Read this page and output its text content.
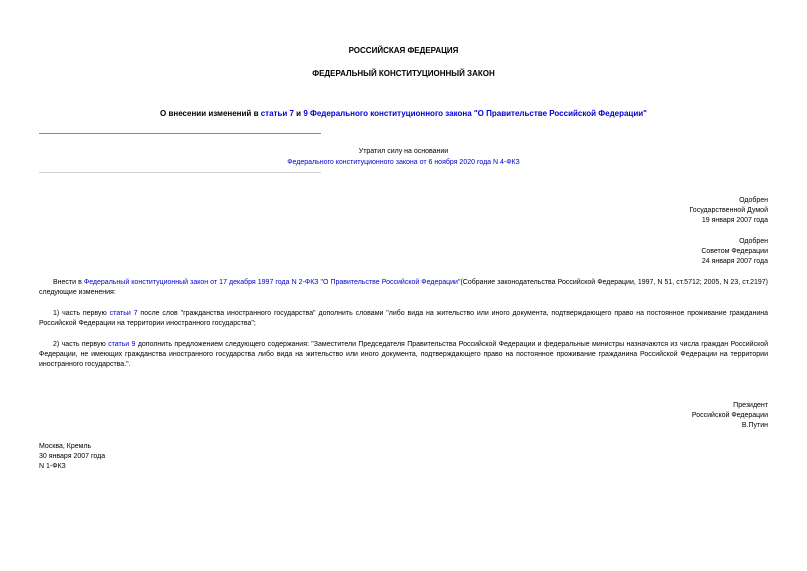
РОССИЙСКАЯ ФЕДЕРАЦИЯ
ФЕДЕРАЛЬНЫЙ КОНСТИТУЦИОННЫЙ ЗАКОН
О внесении изменений в статьи 7 и 9 Федерального конституционного закона "О Правительстве Российской Федерации"
Утратил силу на основании
Федерального конституционного закона от 6 ноября 2020 года N 4-ФКЗ
Одобрен
Государственной Думой
19 января 2007 года
Одобрен
Советом Федерации
24 января 2007 года
Внести в Федеральный конституционный закон от 17 декабря 1997 года N 2-ФКЗ "О Правительстве Российской Федерации"(Собрание законодательства Российской Федерации, 1997, N 51, ст.5712; 2005, N 23, ст.2197) следующие изменения:
1) часть первую статьи 7 после слов "гражданства иностранного государства" дополнить словами "либо вида на жительство или иного документа, подтверждающего право на постоянное проживание гражданина Российской Федерации на территории иностранного государства";
2) часть первую статьи 9 дополнить предложением следующего содержания: "Заместители Председателя Правительства Российской Федерации и федеральные министры назначаются из числа граждан Российской Федерации, не имеющих гражданства иностранного государства либо вида на жительство или иного документа, подтверждающего право на постоянное проживание гражданина Российской Федерации на территории иностранного государства.".
Президент
Российской Федерации
В.Путин
Москва, Кремль
30 января 2007 года
N 1-ФКЗ
